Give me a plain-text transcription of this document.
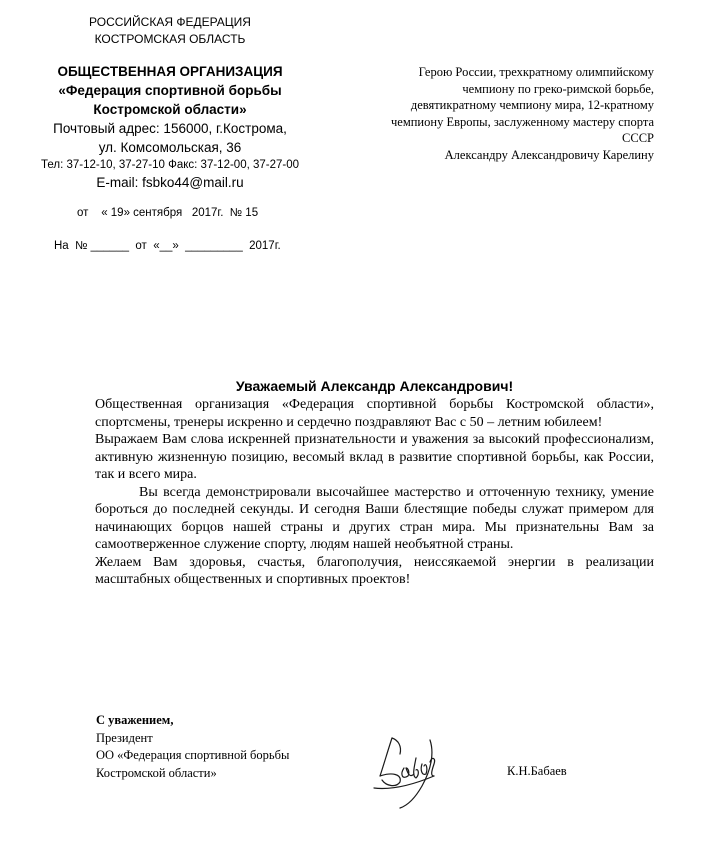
РОССИЙСКАЯ ФЕДЕРАЦИЯ
КОСТРОМСКАЯ ОБЛАСТЬ
ОБЩЕСТВЕННАЯ ОРГАНИЗАЦИЯ
«Федерация спортивной борьбы
Костромской области»
Почтовый адрес: 156000, г.Кострома,
ул. Комсомольская, 36
Тел: 37-12-10, 37-27-10 Факс: 37-12-00, 37-27-00
E-mail: fsbko44@mail.ru
от    « 19» сентября   2017г.  № 15
На  № ______  от  «__»  _________  2017г.
Герою России, трехкратному олимпийскому
чемпиону по греко-римской борьбе,
девятикратному чемпиону мира, 12-кратному
чемпиону Европы, заслуженному мастеру спорта
СССР
Александру Александровичу Карелину
Уважаемый Александр Александрович!

Общественная организация «Федерация спортивной борьбы Костромской области», спортсмены, тренеры искренно и сердечно поздравляют Вас с 50 – летним юбилеем!

Выражаем Вам слова искренней признательности и уважения за высокий профессионализм, активную жизненную позицию, весомый вклад в развитие спортивной борьбы, как России, так и всего мира.

Вы всегда демонстрировали высочайшее мастерство и отточенную технику, умение бороться до последней секунды. И сегодня Ваши блестящие победы служат примером для начинающих борцов нашей страны и других стран мира. Мы признательны Вам за самоотверженное служение спорту, людям нашей необъятной страны.

Желаем Вам здоровья, счастья, благополучия, неиссякаемой энергии в реализации масштабных общественных и спортивных проектов!

С уважением,
Президент
ОО «Федерация спортивной борьбы
Костромской области»	К.Н.Бабаев
